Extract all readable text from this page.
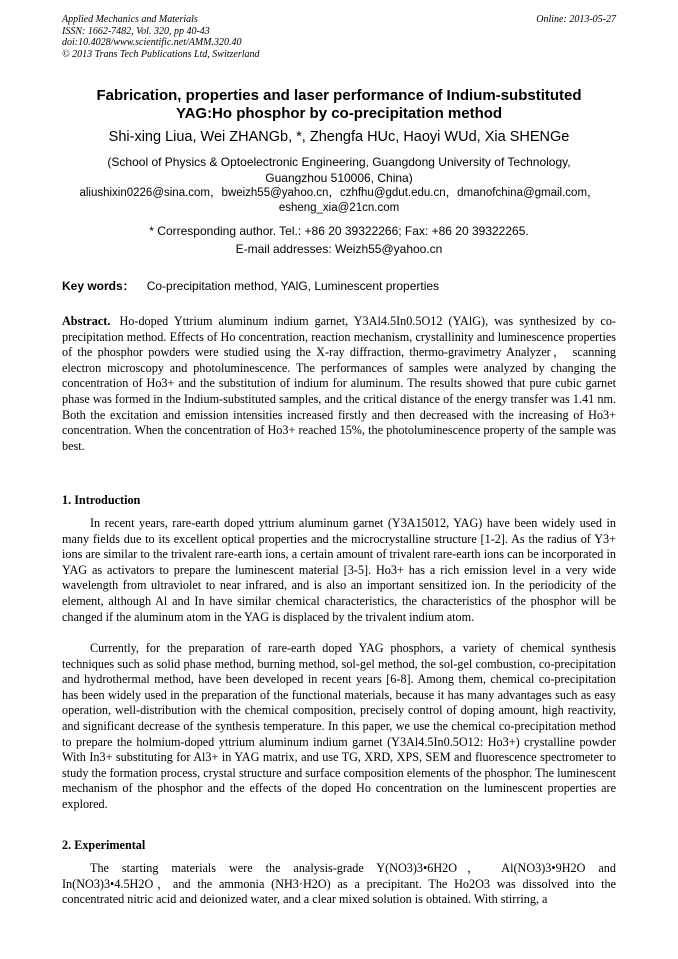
Applied Mechanics and Materials
ISSN: 1662-7482, Vol. 320, pp 40-43
doi:10.4028/www.scientific.net/AMM.320.40
© 2013 Trans Tech Publications Ltd, Switzerland
Online: 2013-05-27
Fabrication, properties and laser performance of Indium-substituted
YAG:Ho phosphor by co-precipitation method
Shi-xing Liua, Wei ZHANGb, *, Zhengfa HUc, Haoyi WUd, Xia SHENGe
(School of Physics & Optoelectronic Engineering, Guangdong University of Technology,
Guangzhou 510006, China)
aliushixin0226@sina.com，bweizh55@yahoo.cn，czhfhu@gdut.edu.cn，dmanofchina@gmail.com，
esheng_xia@21cn.com
* Corresponding author. Tel.: +86 20 39322266; Fax: +86 20 39322265.
E-mail addresses: Weizh55@yahoo.cn
Key words： Co-precipitation method, YAlG, Luminescent properties
Abstract. Ho-doped Yttrium aluminum indium garnet, Y3Al4.5In0.5O12 (YAlG), was synthesized by co-precipitation method. Effects of Ho concentration, reaction mechanism, crystallinity and luminescence properties of the phosphor powders were studied using the X-ray diffraction, thermo-gravimetry Analyzer， scanning electron microscopy and photoluminescence. The performances of samples were analyzed by changing the concentration of Ho3+ and the substitution of indium for aluminum. The results showed that pure cubic garnet phase was formed in the Indium-substituted samples, and the critical distance of the energy transfer was 1.41 nm. Both the excitation and emission intensities increased firstly and then decreased with the increasing of Ho3+ concentration. When the concentration of Ho3+ reached 15%, the photoluminescence property of the sample was best.
1. Introduction
In recent years, rare-earth doped yttrium aluminum garnet (Y3A15012, YAG) have been widely used in many fields due to its excellent optical properties and the microcrystalline structure [1-2]. As the radius of Y3+ ions are similar to the trivalent rare-earth ions, a certain amount of trivalent rare-earth ions can be incorporated in YAG as activators to prepare the luminescent material [3-5]. Ho3+ has a rich emission level in a very wide wavelength from ultraviolet to near infrared, and is also an important sensitized ion. In the periodicity of the element, although Al and In have similar chemical characteristics, the characteristics of the phosphor will be changed if the aluminum atom in the YAG is displaced by the trivalent indium atom.
Currently, for the preparation of rare-earth doped YAG phosphors, a variety of chemical synthesis techniques such as solid phase method, burning method, sol-gel method, the sol-gel combustion, co-precipitation and hydrothermal method, have been developed in recent years [6-8]. Among them, chemical co-precipitation has been widely used in the preparation of the functional materials, because it has many advantages such as easy operation, well-distribution with the chemical composition, precisely control of doping amount, high reactivity, and significant decrease of the synthesis temperature. In this paper, we use the chemical co-precipitation method to prepare the holmium-doped yttrium aluminum indium garnet (Y3Al4.5In0.5O12: Ho3+) crystalline powder With In3+ substituting for Al3+ in YAG matrix, and use TG, XRD, XPS, SEM and fluorescence spectrometer to study the formation process, crystal structure and surface composition elements of the phosphor. The luminescent mechanism of the phosphor and the effects of the doped Ho concentration on the luminescent properties are explored.
2. Experimental
The starting materials were the analysis-grade Y(NO3)3•6H2O， Al(NO3)3•9H2O and In(NO3)3•4.5H2O，and the ammonia (NH3·H2O) as a precipitant. The Ho2O3 was dissolved into the concentrated nitric acid and deionized water, and a clear mixed solution is obtained. With stirring, a
